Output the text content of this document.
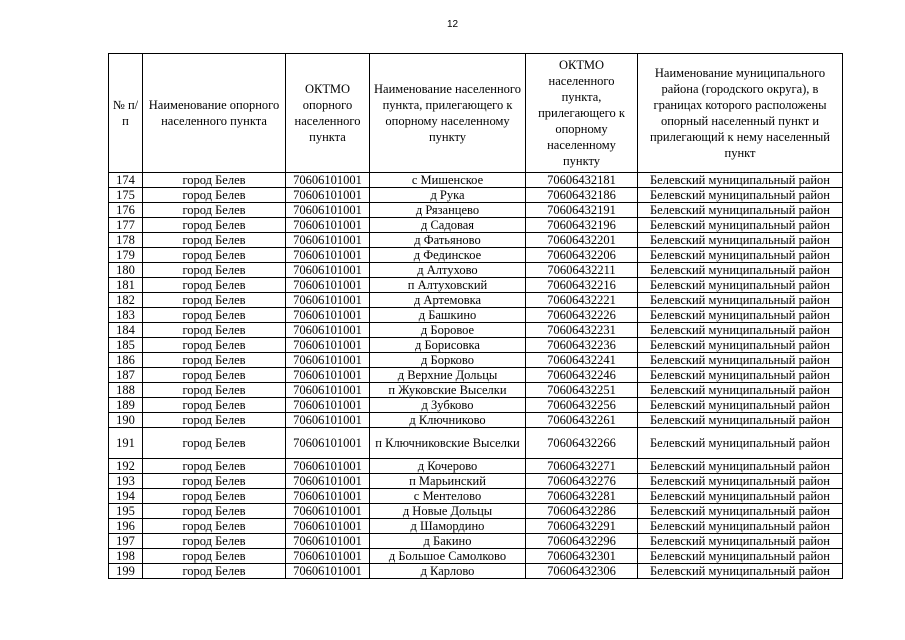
12
№ п/п	Наименование опорного населенного пункта	ОКТМО опорного населенного пункта	Наименование населенного пункта, прилегающего к опорному населенному пункту	ОКТМО населенного пункта, прилегающего к опорному населенному пункту	Наименование муниципального района (городского округа), в границах которого расположены опорный населенный пункт и прилегающий к нему населенный пункт
174	город Белев	70606101001	с Мишенское	70606432181	Белевский муниципальный район
175	город Белев	70606101001	д Рука	70606432186	Белевский муниципальный район
176	город Белев	70606101001	д Рязанцево	70606432191	Белевский муниципальный район
177	город Белев	70606101001	д Садовая	70606432196	Белевский муниципальный район
178	город Белев	70606101001	д Фатьяново	70606432201	Белевский муниципальный район
179	город Белев	70606101001	д Фединское	70606432206	Белевский муниципальный район
180	город Белев	70606101001	д Алтухово	70606432211	Белевский муниципальный район
181	город Белев	70606101001	п Алтуховский	70606432216	Белевский муниципальный район
182	город Белев	70606101001	д Артемовка	70606432221	Белевский муниципальный район
183	город Белев	70606101001	д Башкино	70606432226	Белевский муниципальный район
184	город Белев	70606101001	д Боровое	70606432231	Белевский муниципальный район
185	город Белев	70606101001	д Борисовка	70606432236	Белевский муниципальный район
186	город Белев	70606101001	д Борково	70606432241	Белевский муниципальный район
187	город Белев	70606101001	д Верхние Дольцы	70606432246	Белевский муниципальный район
188	город Белев	70606101001	п Жуковские Выселки	70606432251	Белевский муниципальный район
189	город Белев	70606101001	д Зубково	70606432256	Белевский муниципальный район
190	город Белев	70606101001	д Ключниково	70606432261	Белевский муниципальный район
191	город Белев	70606101001	п Ключниковские Выселки	70606432266	Белевский муниципальный район
192	город Белев	70606101001	д Кочерово	70606432271	Белевский муниципальный район
193	город Белев	70606101001	п Марьинский	70606432276	Белевский муниципальный район
194	город Белев	70606101001	с Ментелово	70606432281	Белевский муниципальный район
195	город Белев	70606101001	д Новые Дольцы	70606432286	Белевский муниципальный район
196	город Белев	70606101001	д Шамордино	70606432291	Белевский муниципальный район
197	город Белев	70606101001	д Бакино	70606432296	Белевский муниципальный район
198	город Белев	70606101001	д Большое Самолково	70606432301	Белевский муниципальный район
199	город Белев	70606101001	д Карлово	70606432306	Белевский муниципальный район
